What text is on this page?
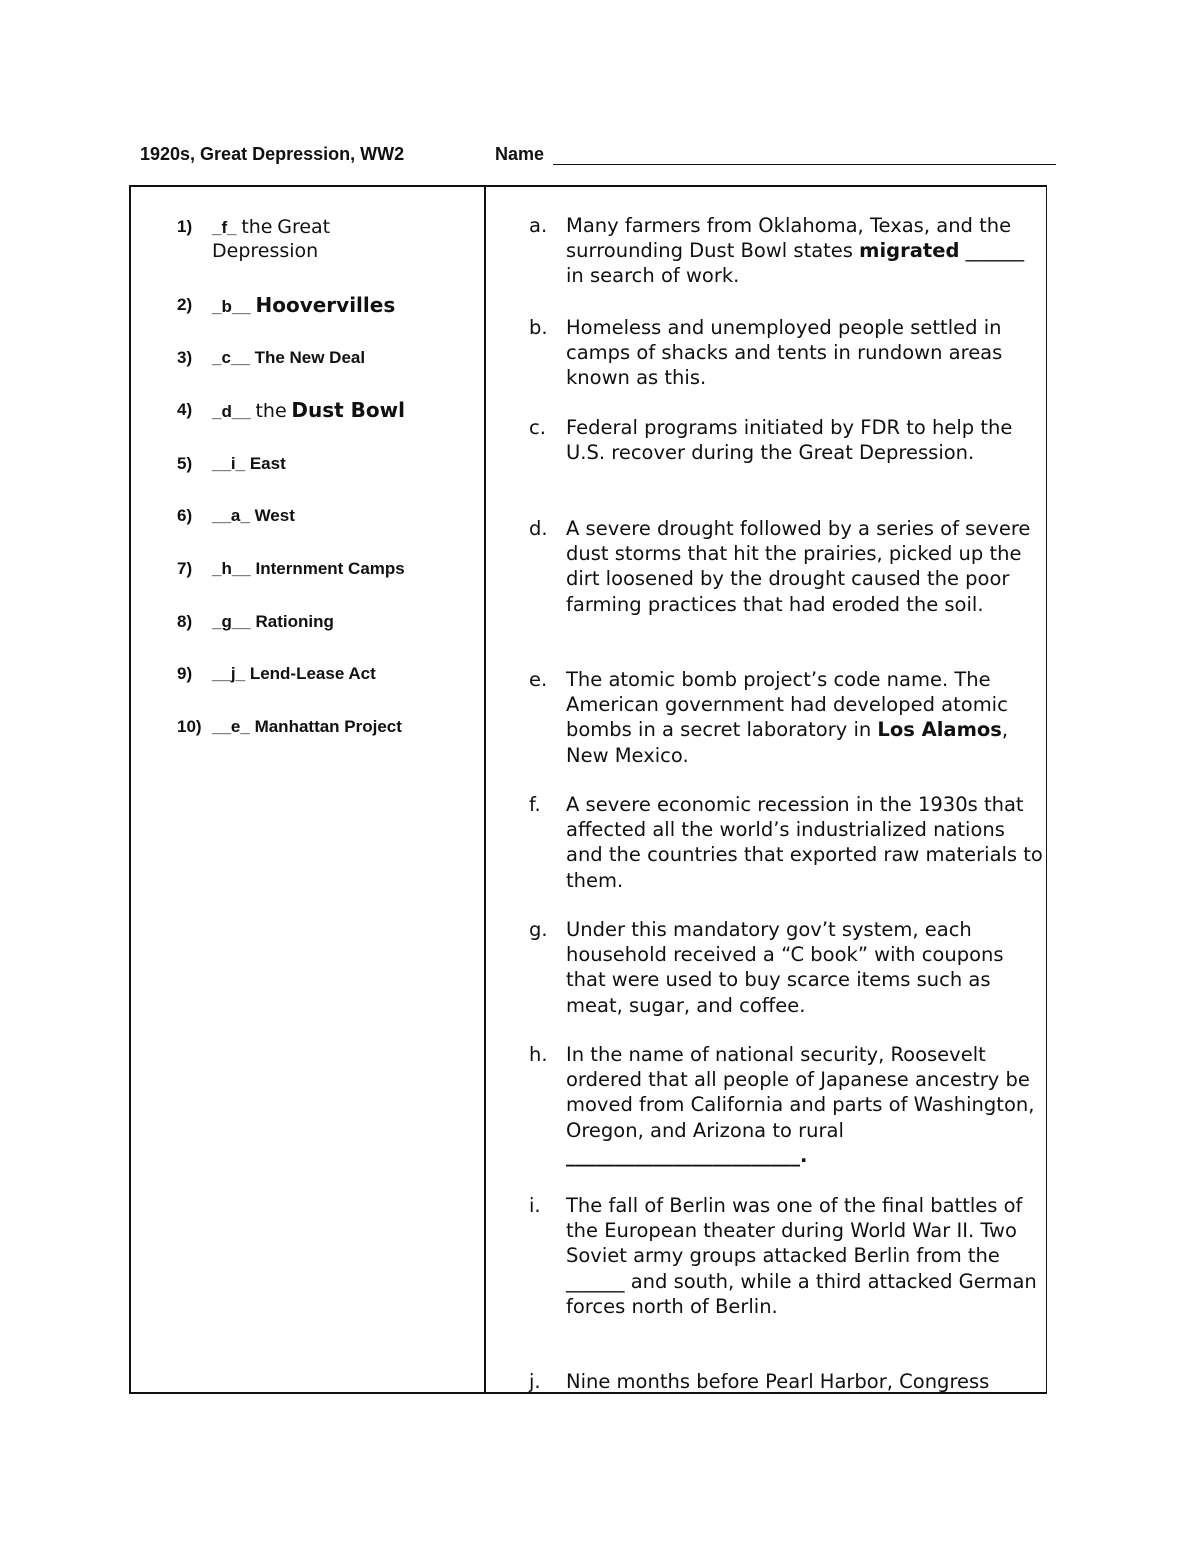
1920s, Great Depression, WW2	Name
1) _f_ the Great
Depression
2) _b__ Hoovervilles
3) _c__ The New Deal
4) _d__ the Dust Bowl
5) __i_ East
6) __a_ West
7) _h__ Internment Camps
8) _g__ Rationing
9) __j_ Lend-Lease Act
10) __e_ Manhattan Project
a. Many farmers from Oklahoma, Texas, and the surrounding Dust Bowl states migrated ______ in search of work.
b. Homeless and unemployed people settled in camps of shacks and tents in rundown areas known as this.
c. Federal programs initiated by FDR to help the U.S. recover during the Great Depression.
d. A severe drought followed by a series of severe dust storms that hit the prairies, picked up the dirt loosened by the drought caused the poor farming practices that had eroded the soil.
e. The atomic bomb project’s code name. The American government had developed atomic bombs in a secret laboratory in Los Alamos, New Mexico.
f. A severe economic recession in the 1930s that affected all the world’s industrialized nations and the countries that exported raw materials to them.
g. Under this mandatory gov’t system, each household received a “C book” with coupons that were used to buy scarce items such as meat, sugar, and coffee.
h. In the name of national security, Roosevelt ordered that all people of Japanese ancestry be moved from California and parts of Washington, Oregon, and Arizona to rural ________________________.
i. The fall of Berlin was one of the final battles of the European theater during World War II. Two Soviet army groups attacked Berlin from the ______ and south, while a third attacked German forces north of Berlin.
j. Nine months before Pearl Harbor, Congress
